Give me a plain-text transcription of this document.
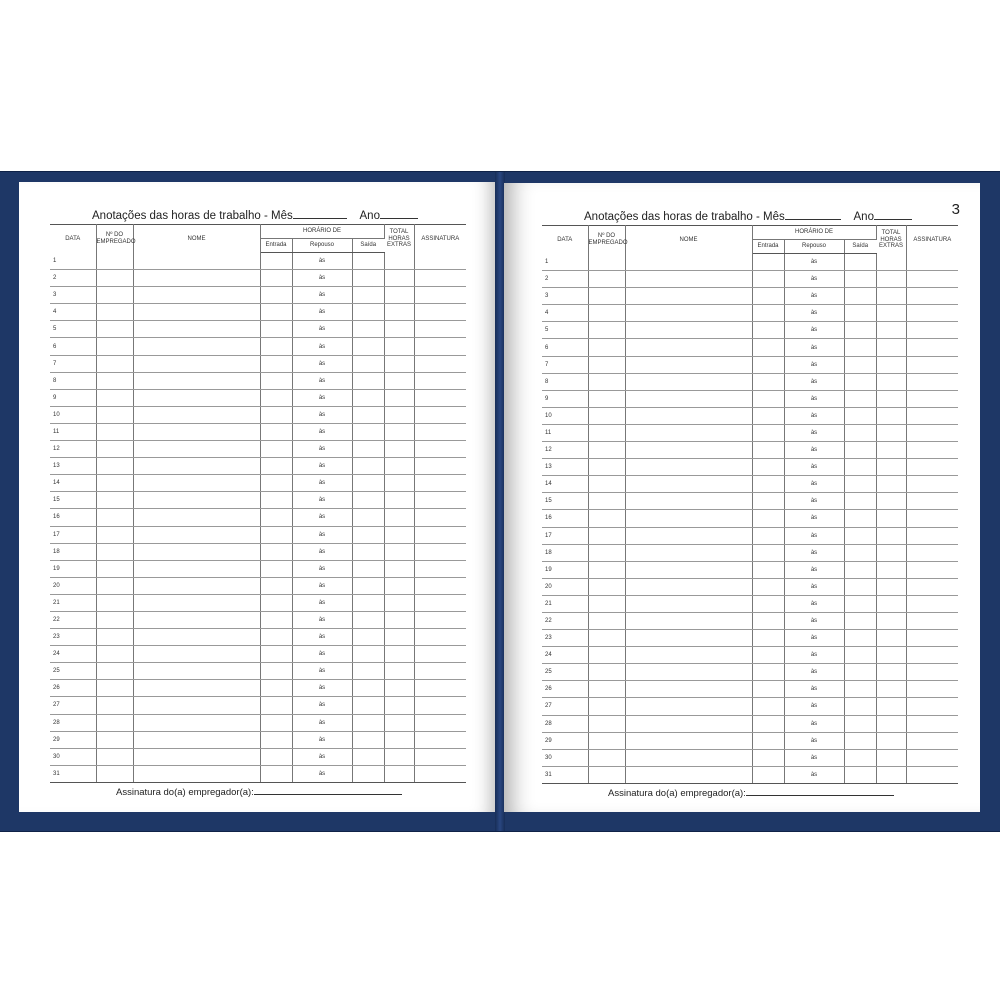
Anotações das horas de trabalho - Mês	Ano
DATA	Nº DO EMPREGADO	NOME	HORÁRIO DE			TOTAL HORAS EXTRAS	ASSINATURA
			Entrada	Repouso	Saída		
1				às			
2				às			
3				às			
4				às			
5				às			
6				às			
7				às			
8				às			
9				às			
10				às			
11				às			
12				às			
13				às			
14				às			
15				às			
16				às			
17				às			
18				às			
19				às			
20				às			
21				às			
22				às			
23				às			
24				às			
25				às			
26				às			
27				às			
28				às			
29				às			
30				às			
31				às			
Assinatura do(a) empregador(a):
3
Anotações das horas de trabalho - Mês	Ano
DATA	Nº DO EMPREGADO	NOME	HORÁRIO DE			TOTAL HORAS EXTRAS	ASSINATURA
			Entrada	Repouso	Saída		
1				às			
2				às			
3				às			
4				às			
5				às			
6				às			
7				às			
8				às			
9				às			
10				às			
11				às			
12				às			
13				às			
14				às			
15				às			
16				às			
17				às			
18				às			
19				às			
20				às			
21				às			
22				às			
23				às			
24				às			
25				às			
26				às			
27				às			
28				às			
29				às			
30				às			
31				às			
Assinatura do(a) empregador(a):
